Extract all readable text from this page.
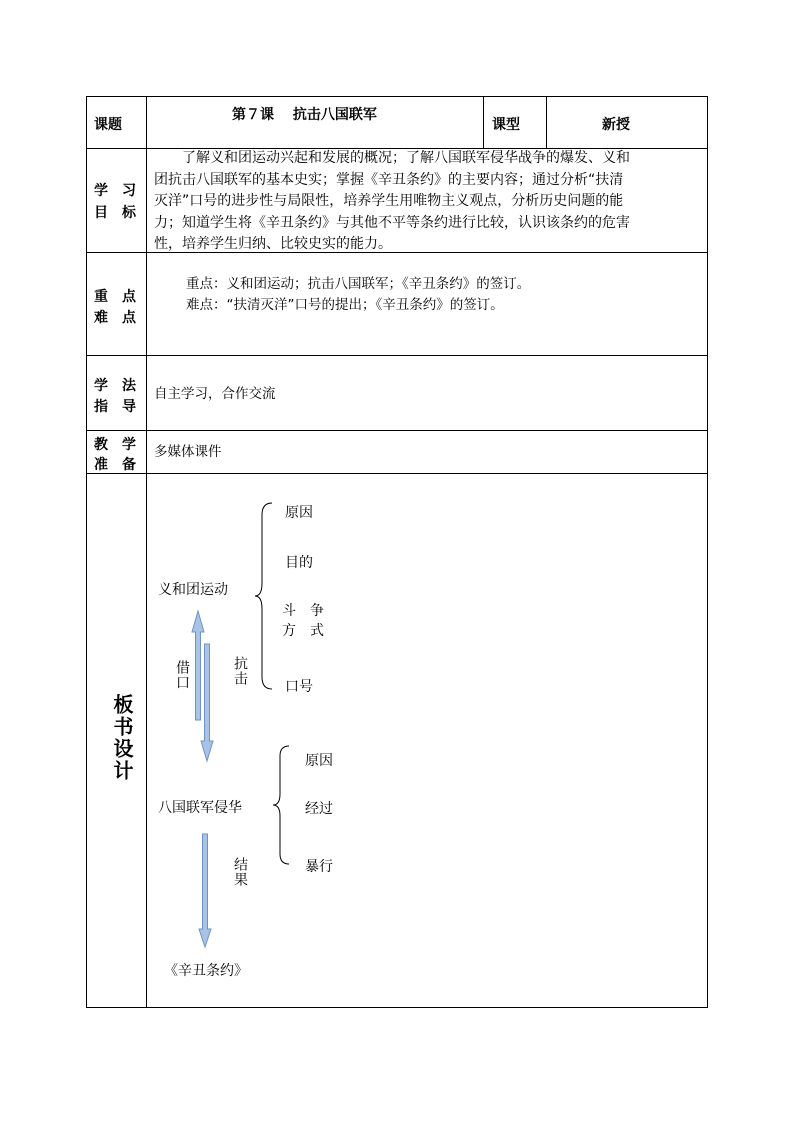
课题
第７课　 抗击八国联军
课型	新授
学　习
目　标
　　了解义和团运动兴起和发展的概况；了解八国联军侵华战争的爆发、义和
团抗击八国联军的基本史实；掌握《辛丑条约》的主要内容；通过分析“扶清
灭洋”口号的进步性与局限性，培养学生用唯物主义观点，分析历史问题的能
力；知道学生将《辛丑条约》与其他不平等条约进行比较，认识该条约的危害
性，培养学生归纳、比较史实的能力。
重　点
难　点
重点：义和团运动；抗击八国联军；《辛丑条约》的签订。
难点：“扶清灭洋”口号的提出；《辛丑条约》的签订。
学　法
指　导
自主学习，合作交流
教　学
准　备
多媒体课件
板书设计
义和团运动
原因
目的
斗　争
方　式
口号
借口	抗击
八国联军侵华
原因
经过
暴行
结果
《辛丑条约》
